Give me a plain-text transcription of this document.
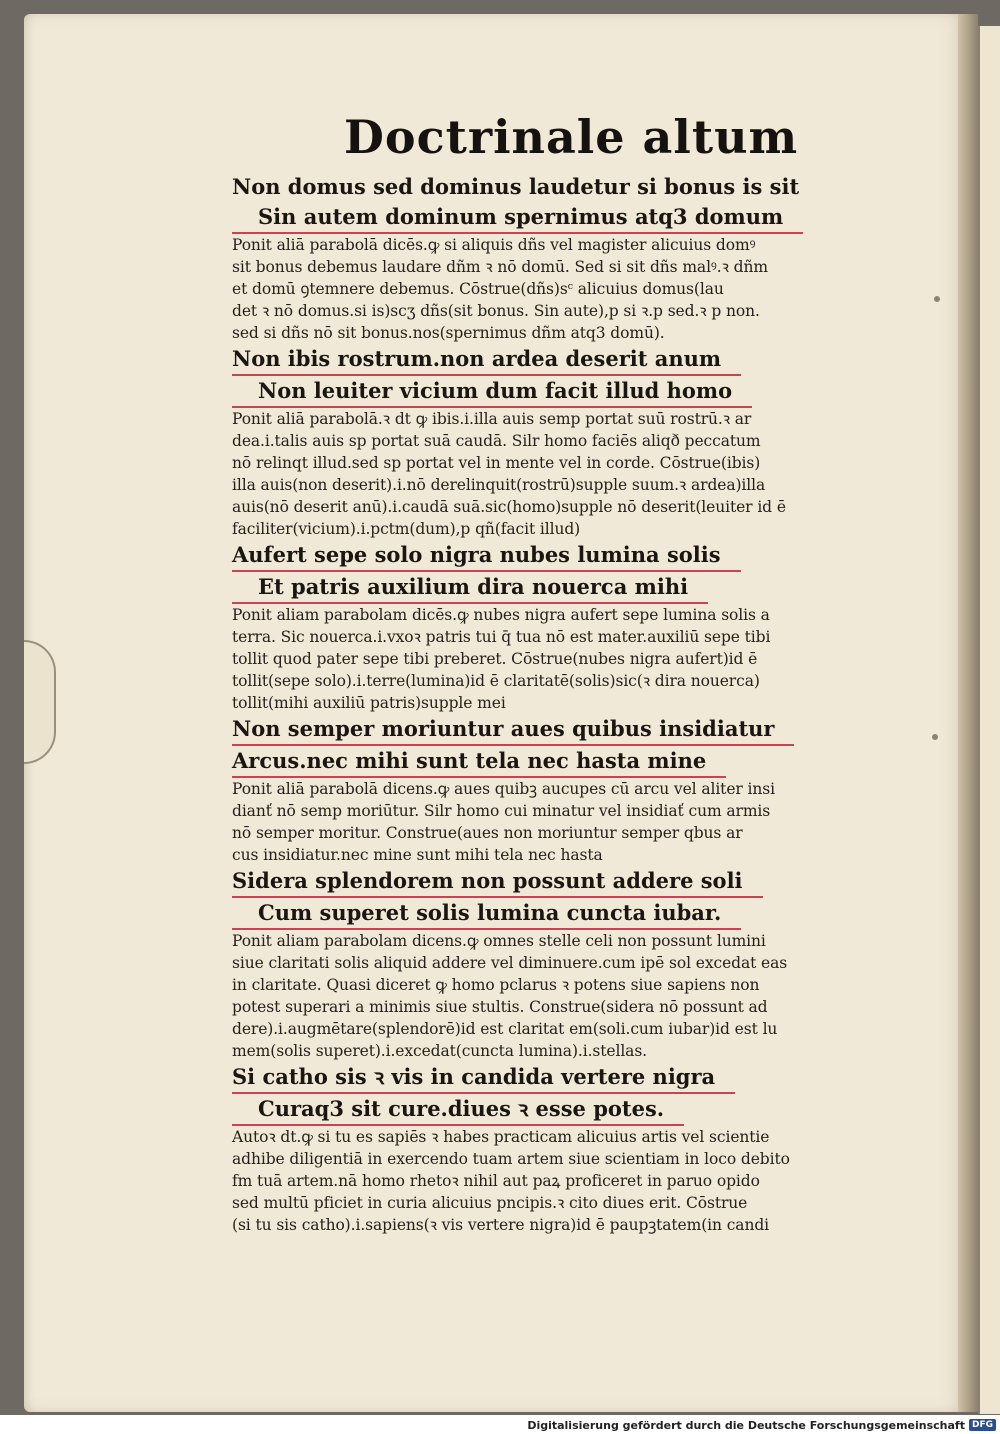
Doctrinale altum
Non domus sed dominus laudetur si bonus is sit
Sin autem dominum spernimus atq3 domum
Ponit aliā parabolā dicēs.ꝙ si aliquis dñs vel magister alicuius domꝰ
sit bonus debemus laudare dñm ꝛ nō domū. Sed si sit dñs malꝰ.ꝛ dñm
et domū ꝯtemnere debemus. Cōstrue(dñs)sᶜ alicuius domus(lau
det ꝛ nō domus.si is)scʒ dñs(sit bonus. Sin aute),p si ꝛ.p sed.ꝛ p non.
sed si dñs nō sit bonus.nos(spernimus dñm atq3 domū).
Non ibis rostrum.non ardea deserit anum Non leuiter vicium dum facit illud homo
Ponit aliā parabolā.ꝛ dt ꝙ ibis.i.illa auis semp portat suū rostrū.ꝛ ar
dea.i.talis auis sp portat suā caudā. Silr homo faciēs aliqð peccatum
nō relinqt illud.sed sp portat vel in mente vel in corde. Cōstrue(ibis)
illa auis(non deserit).i.nō derelinquit(rostrū)supple suum.ꝛ ardea)illa
auis(nō deserit anū).i.caudā suā.sic(homo)supple nō deserit(leuiter id ē
faciliter(vicium).i.pctm(dum),p qñ(facit illud)
Aufert sepe solo nigra nubes lumina solis Et patris auxilium dira nouerca mihi
Ponit aliam parabolam dicēs.ꝙ nubes nigra aufert sepe lumina solis a
terra. Sic nouerca.i.vxoꝛ patris tui q̄ tua nō est mater.auxiliū sepe tibi
tollit quod pater sepe tibi preberet. Cōstrue(nubes nigra aufert)id ē
tollit(sepe solo).i.terre(lumina)id ē claritatē(solis)sic(ꝛ dira nouerca)
tollit(mihi auxiliū patris)supple mei
Non semper moriuntur aues quibus insidiatur Arcus.nec mihi sunt tela nec hasta mine
Ponit aliā parabolā dicens.ꝙ aues quibꝫ aucupes cū arcu vel aliter insi
dianť nō semp moriūtur. Silr homo cui minatur vel insidiať cum armis
nō semper moritur. Construe(aues non moriuntur semper qbus ar
cus insidiatur.nec mine sunt mihi tela nec hasta
Sidera splendorem non possunt addere soli Cum superet solis lumina cuncta iubar.
Ponit aliam parabolam dicens.ꝙ omnes stelle celi non possunt lumini
siue claritati solis aliquid addere vel diminuere.cum ipē sol excedat eas
in claritate. Quasi diceret ꝙ homo pclarus ꝛ potens siue sapiens non
potest superari a minimis siue stultis. Construe(sidera nō possunt ad
dere).i.augmētare(splendorē)id est claritat em(soli.cum iubar)id est lu
mem(solis superet).i.excedat(cuncta lumina).i.stellas.
Si catho sis ꝛ vis in candida vertere nigra Curaq3 sit cure.diues ꝛ esse potes.
Autoꝛ dt.ꝙ si tu es sapiēs ꝛ habes practicam alicuius artis vel scientie
adhibe diligentiā in exercendo tuam artem siue scientiam in loco debito
fm tuā artem.nā homo rhetoꝛ nihil aut paꝝ proficeret in paruo opido
sed multū pficiet in curia alicuius pncipis.ꝛ cito diues erit. Cōstrue
(si tu sis catho).i.sapiens(ꝛ vis vertere nigra)id ē paupꝫtatem(in candi
Digitalisierung gefördert durch die Deutsche Forschungsgemeinschaft DFG
